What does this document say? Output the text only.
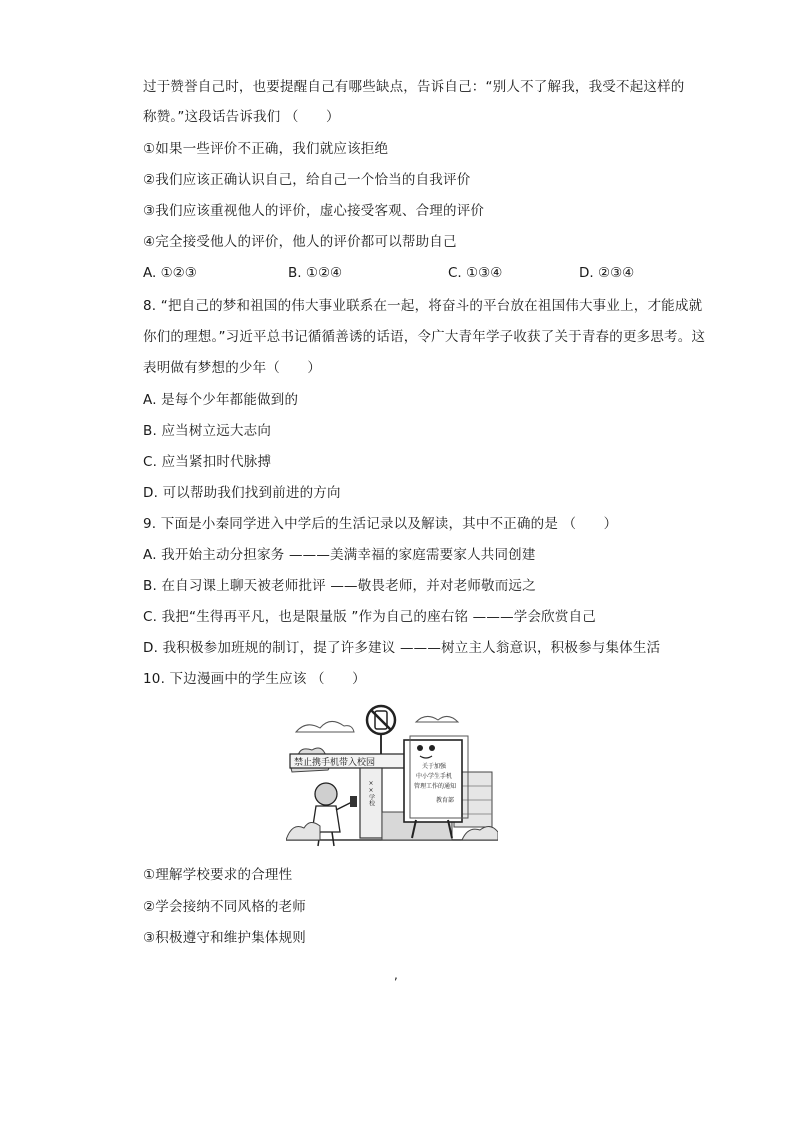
过于赞誉自己时，也要提醒自己有哪些缺点，告诉自己：“别人不了解我，我受不起这样的
称赞。”这段话告诉我们 （　　）
①如果一些评价不正确，我们就应该拒绝
②我们应该正确认识自己，给自己一个恰当的自我评价
③我们应该重视他人的评价，虚心接受客观、合理的评价
④完全接受他人的评价，他人的评价都可以帮助自己
A. ①②③	B. ①②④	C. ①③④	D. ②③④
8. “把自己的梦和祖国的伟大事业联系在一起，将奋斗的平台放在祖国伟大事业上，才能成就
你们的理想。”习近平总书记循循善诱的话语，令广大青年学子收获了关于青春的更多思考。这
表明做有梦想的少年（　　）
A. 是每个少年都能做到的
B. 应当树立远大志向
C. 应当紧扣时代脉搏
D. 可以帮助我们找到前进的方向
9. 下面是小秦同学进入中学后的生活记录以及解读，其中不正确的是 （　　）
A. 我开始主动分担家务 ———美满幸福的家庭需要家人共同创建
B. 在自习课上聊天被老师批评 ——敬畏老师，并对老师敬而远之
C. 我把“生得再平凡，也是限量版 ”作为自己的座右铭 ———学会欣赏自己
D. 我积极参加班规的制订，提了许多建议 ———树立主人翁意识，积极参与集体生活
10. 下边漫画中的学生应该 （　　）
禁止携手机带入校园
××学校
关于加强
中小学生手机
管理工作的通知
教育部
①理解学校要求的合理性
②学会接纳不同风格的老师
③积极遵守和维护集体规则
,
